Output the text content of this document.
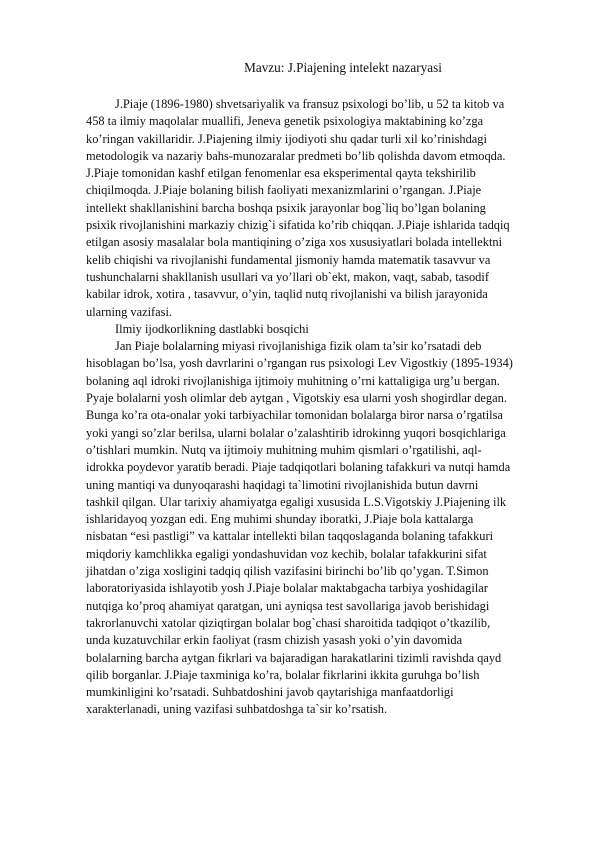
Mavzu: J.Piajening intelekt nazaryasi

J.Piaje (1896-1980) shvetsariyalik va fransuz psixologi bo’lib, u 52 ta kitob va 458 ta ilmiy maqolalar muallifi, Jeneva genetik psixologiya maktabining ko’zga ko’ringan vakillaridir. J.Piajening ilmiy ijodiyoti shu qadar turli xil ko’rinishdagi metodologik va nazariy bahs-munozaralar predmeti bo’lib qolishda davom etmoqda. J.Piaje tomonidan kashf etilgan fenomenlar esa eksperimental qayta tekshirilib chiqilmoqda. J.Piaje bolaning bilish faoliyati mexanizmlarini o’rgangan. J.Piaje intellekt shakllanishini barcha boshqa psixik jarayonlar bog`liq bo’lgan bolaning psixik rivojlanishini markaziy chizig`i sifatida ko’rib chiqqan. J.Piaje ishlarida tadqiq etilgan asosiy masalalar bola mantiqining o’ziga xos xususiyatlari bolada intellektni kelib chiqishi va rivojlanishi fundamental jismoniy hamda matematik tasavvur va tushunchalarni shakllanish usullari va yo’llari ob`ekt, makon, vaqt, sabab, tasodif kabilar idrok, xotira , tasavvur, o’yin, taqlid nutq rivojlanishi va bilish jarayonida ularning vazifasi.

Ilmiy ijodkorlikning dastlabki bosqichi

Jan Piaje bolalarning miyasi rivojlanishiga fizik olam ta’sir ko’rsatadi deb hisoblagan bo’lsa, yosh davrlarini o’rgangan rus psixologi Lev Vigostkiy (1895-1934) bolaning aql idroki rivojlanishiga ijtimoiy muhitning o’rni kattaligiga urg’u bergan. Pyaje bolalarni yosh olimlar deb aytgan , Vigotskiy esa ularni yosh shogirdlar degan. Bunga ko’ra ota-onalar yoki tarbiyachilar tomonidan bolalarga biror narsa o’rgatilsa yoki yangi so’zlar berilsa, ularni bolalar o’zalashtirib idrokinng yuqori bosqichlariga o’tishlari mumkin. Nutq va ijtimoiy muhitning muhim qismlari o’rgatilishi, aql-idrokka poydevor yaratib beradi. Piaje tadqiqotlari bolaning tafakkuri va nutqi hamda uning mantiqi va dunyoqarashi haqidagi ta`limotini rivojlanishida butun davrni tashkil qilgan. Ular tarixiy ahamiyatga egaligi xususida L.S.Vigotskiy J.Piajening ilk ishlaridayoq yozgan edi. Eng muhimi shunday iboratki, J.Piaje bola kattalarga nisbatan “esi pastligi” va kattalar intellekti bilan taqqoslaganda bolaning tafakkuri miqdoriy kamchlikka egaligi yondashuvidan voz kechib, bolalar tafakkurini sifat jihatdan o’ziga xosligini tadqiq qilish vazifasini birinchi bo’lib qo’ygan. T.Simon laboratoriyasida ishlayotib yosh J.Piaje bolalar maktabgacha tarbiya yoshidagilar nutqiga ko’proq ahamiyat qaratgan, uni ayniqsa test savollariga javob berishidagi takrorlanuvchi xatolar qiziqtirgan bolalar bog`chasi sharoitida tadqiqot o’tkazilib, unda kuzatuvchilar erkin faoliyat (rasm chizish yasash yoki o’yin davomida bolalarning barcha aytgan fikrlari va bajaradigan harakatlarini tizimli ravishda qayd qilib borganlar. J.Piaje taxminiga ko’ra, bolalar fikrlarini ikkita guruhga bo’lish mumkinligini ko’rsatadi. Suhbatdoshini javob qaytarishiga manfaatdorligi xarakterlanadi, uning vazifasi suhbatdoshga ta`sir ko’rsatish.
